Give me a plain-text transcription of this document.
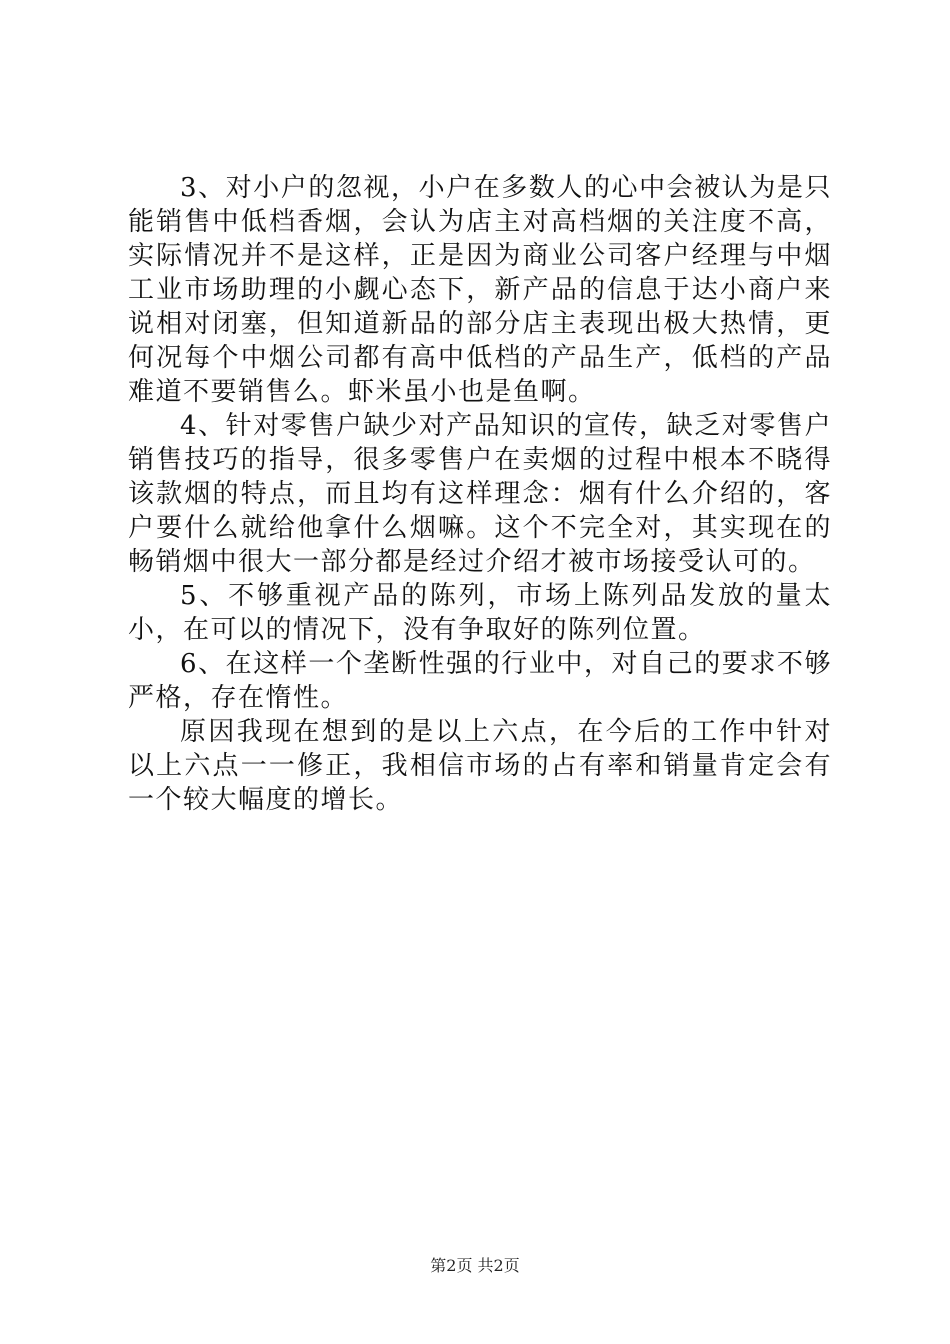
3、对小户的忽视，小户在多数人的心中会被认为是只能销售中低档香烟，会认为店主对高档烟的关注度不高，实际情况并不是这样，正是因为商业公司客户经理与中烟工业市场助理的小觑心态下，新产品的信息于达小商户来说相对闭塞，但知道新品的部分店主表现出极大热情，更何况每个中烟公司都有高中低档的产品生产，低档的产品难道不要销售么。虾米虽小也是鱼啊。

4、针对零售户缺少对产品知识的宣传，缺乏对零售户销售技巧的指导，很多零售户在卖烟的过程中根本不晓得该款烟的特点，而且均有这样理念：烟有什么介绍的，客户要什么就给他拿什么烟嘛。这个不完全对，其实现在的畅销烟中很大一部分都是经过介绍才被市场接受认可的。

5、不够重视产品的陈列，市场上陈列品发放的量太小，在可以的情况下，没有争取好的陈列位置。

6、在这样一个垄断性强的行业中，对自己的要求不够严格，存在惰性。

原因我现在想到的是以上六点，在今后的工作中针对以上六点一一修正，我相信市场的占有率和销量肯定会有一个较大幅度的增长。

第2页 共2页
